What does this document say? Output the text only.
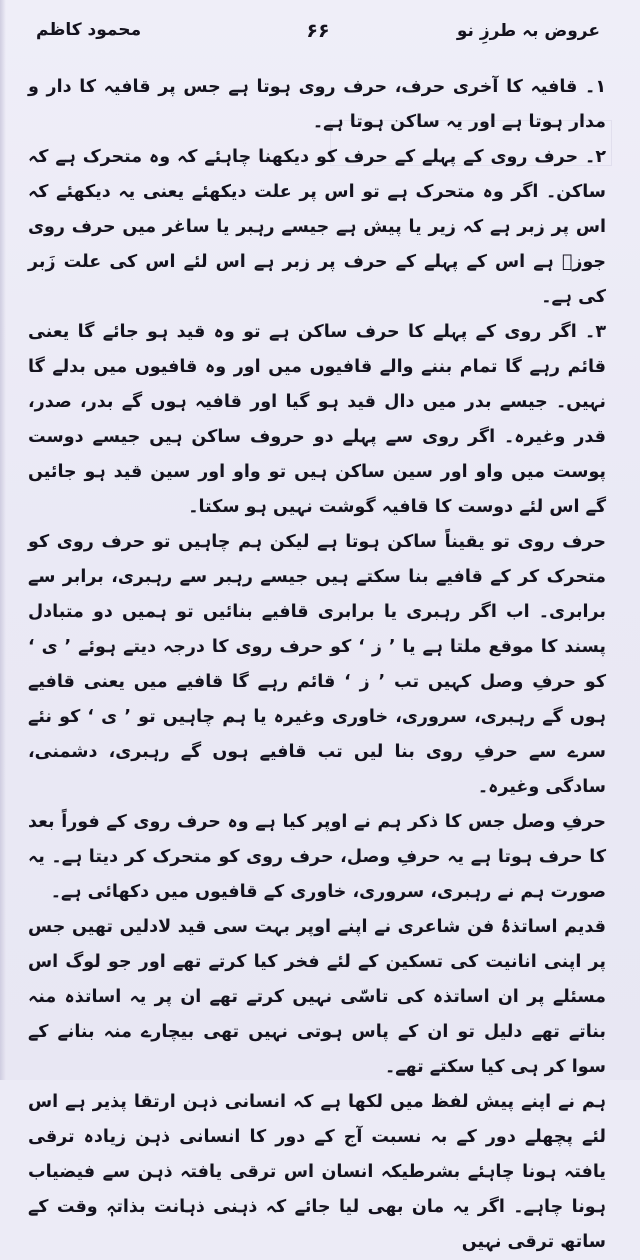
عروض بہ طرزِ نو
۶۶
محمود کاظم

۱۔ قافیہ کا آخری حرف، حرف روی ہوتا ہے جس پر قافیہ کا دار و مدار ہوتا ہے اور یہ ساکن ہوتا ہے۔

۲۔ حرف روی کے پہلے کے حرف کو دیکھنا چاہئے کہ وہ متحرک ہے کہ ساکن۔ اگر وہ متحرک ہے تو اس پر علت دیکھئے یعنی یہ دیکھئے کہ اس پر زبر ہے کہ زیر یا پیش ہے جیسے رہبر یا ساغر میں حرف روی جوزؔ ہے اس کے پہلے کے حرف پر زبر ہے اس لئے اس کی علت زَبر کی ہے۔

۳۔ اگر روی کے پہلے کا حرف ساکن ہے تو وہ قید ہو جائے گا یعنی قائم رہے گا تمام بننے والے قافیوں میں اور وہ قافیوں میں بدلے گا نہیں۔ جیسے بدر میں دال قید ہو گیا اور قافیہ ہوں گے بدر، صدر، قدر وغیرہ۔ اگر روی سے پہلے دو حروف ساکن ہیں جیسے دوست پوست میں واو اور سین ساکن ہیں تو واو اور سین قید ہو جائیں گے اس لئے دوست کا قافیہ گوشت نہیں ہو سکتا۔

حرف روی تو یقیناً ساکن ہوتا ہے لیکن ہم چاہیں تو حرف روی کو متحرک کر کے قافیے بنا سکتے ہیں جیسے رہبر سے رہبری، برابر سے برابری۔ اب اگر رہبری یا برابری قافیے بنائیں تو ہمیں دو متبادل پسند کا موقع ملتا ہے یا ’ ز ‘ کو حرف روی کا درجہ دیتے ہوئے ’ ی ‘ کو حرفِ وصل کہیں تب ’ ز ‘ قائم رہے گا قافیے میں یعنی قافیے ہوں گے رہبری، سروری، خاوری وغیرہ یا ہم چاہیں تو ’ ی ‘ کو نئے سرے سے حرفِ روی بنا لیں تب قافیے ہوں گے رہبری، دشمنی، سادگی وغیرہ۔

حرفِ وصل جس کا ذکر ہم نے اوپر کیا ہے وہ حرف روی کے فوراً بعد کا حرف ہوتا ہے یہ حرفِ وصل، حرف روی کو متحرک کر دیتا ہے۔ یہ صورت ہم نے رہبری، سروری، خاوری کے قافیوں میں دکھائی ہے۔

قدیم اساتذۂ فن شاعری نے اپنے اوپر بہت سی قید لادلیں تھیں جس پر اپنی انانیت کی تسکین کے لئے فخر کیا کرتے تھے اور جو لوگ اس مسئلے پر ان اساتذہ کی تاسّی نہیں کرتے تھے ان پر یہ اساتذہ منہ بناتے تھے دلیل تو ان کے پاس ہوتی نہیں تھی بیچارے منہ بنانے کے سوا کر ہی کیا سکتے تھے۔

ہم نے اپنے پیش لفظ میں لکھا ہے کہ انسانی ذہن ارتقا پذیر ہے اس لئے پچھلے دور کے بہ نسبت آج کے دور کا انسانی ذہن زیادہ ترقی یافتہ ہونا چاہئے بشرطیکہ انسان اس ترقی یافتہ ذہن سے فیضیاب ہونا چاہے۔ اگر یہ مان بھی لیا جائے کہ ذہنی ذہانت بذاتہٖ وقت کے ساتھ ترقی نہیں
